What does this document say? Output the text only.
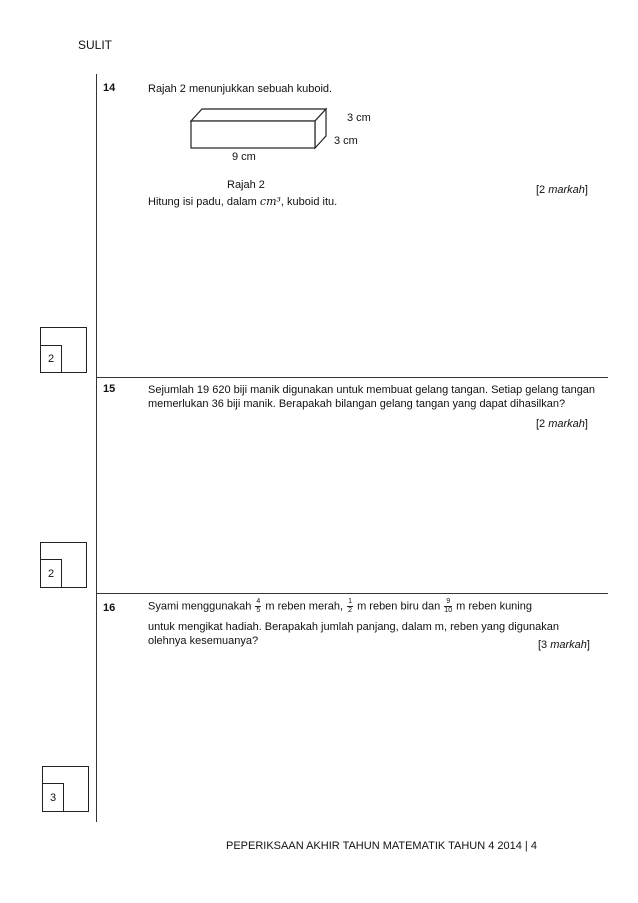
SULIT
14	Rajah 2 menunjukkan sebuah kuboid.
3 cm
3 cm
9 cm
Rajah 2
Hitung isi padu, dalam cm³, kuboid itu.
[2 markah]
2
15	Sejumlah 19 620 biji manik digunakan untuk membuat gelang tangan. Setiap gelang tangan memerlukan 36 biji manik. Berapakah bilangan gelang tangan yang dapat dihasilkan?
[2 markah]
2
16	Syami menggunakah $\frac{4}{5}$ m reben merah, $\frac{1}{2}$ m reben biru dan $\frac{9}{10}$ m reben kuning
untuk mengikat hadiah. Berapakah jumlah panjang, dalam m, reben yang digunakan olehnya kesemuanya?	[3 markah]
3
PEPERIKSAAN AKHIR TAHUN MATEMATIK TAHUN 4 2014 | 4
